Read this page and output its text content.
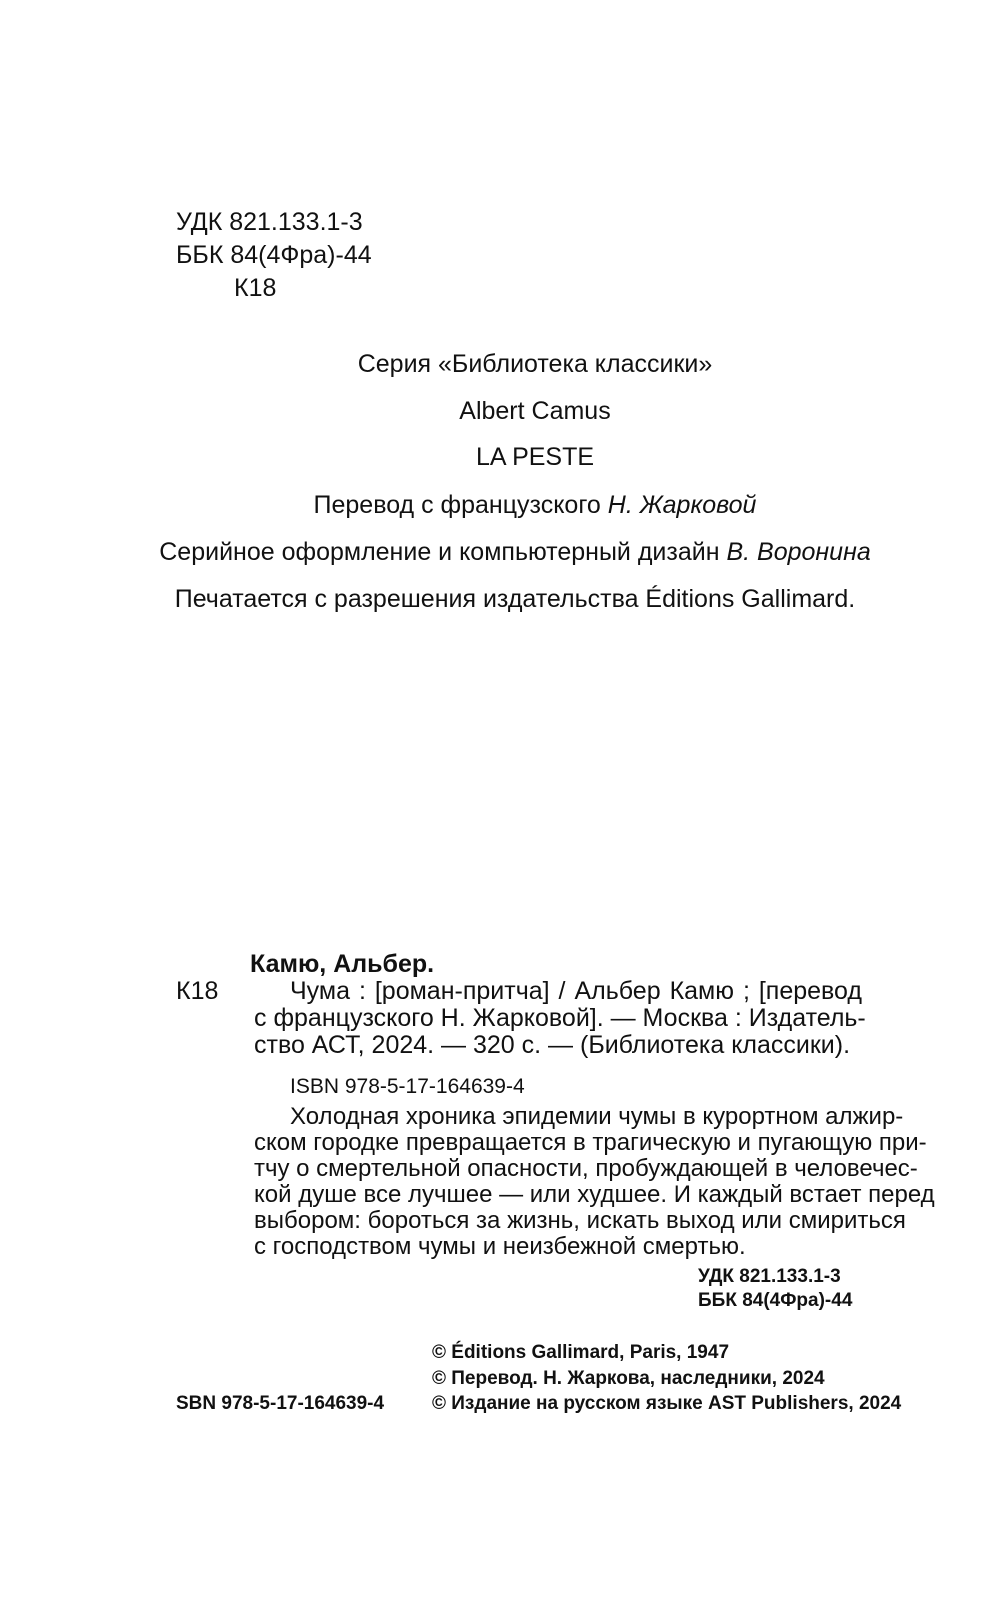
УДК 821.133.1-3
ББК 84(4Фра)-44
К18
Серия «Библиотека классики»
Albert Camus
LA PESTE
Перевод с французского Н. Жарковой
Серийное оформление и компьютерный дизайн В. Воронина
Печатается с разрешения издательства Éditions Gallimard.
Камю, Альбер.
К18	Чума : [роман-притча] / Альбер Камю ; [перевод
с французского Н. Жарковой]. — Москва : Издатель-
ство АСТ, 2024. — 320 с. — (Библиотека классики).
ISBN 978-5-17-164639-4
Холодная хроника эпидемии чумы в курортном алжир-
ском городке превращается в трагическую и пугающую при-
тчу о смертельной опасности, пробуждающей в человечес-
кой душе все лучшее — или худшее. И каждый встает перед
выбором: бороться за жизнь, искать выход или смириться
с господством чумы и неизбежной смертью.
УДК 821.133.1-3
ББК 84(4Фра)-44
SBN 978-5-17-164639-4
© Éditions Gallimard, Paris, 1947
© Перевод. Н. Жаркова, наследники, 2024
© Издание на русском языке AST Publishers, 2024
